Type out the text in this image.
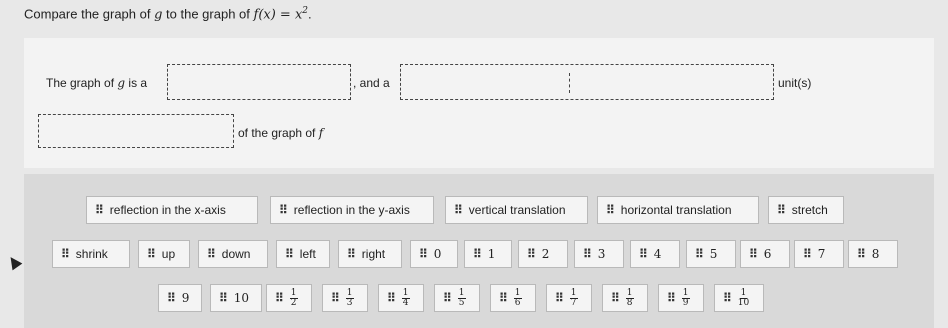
Compare the graph of g to the graph of $f(x) = x^2$.
The graph of
g
is a	, and a	unit(s)
of the graph of
f
⠿ reflection in the x-axis	⠿ reflection in the y-axis	⠿ vertical translation	⠿ horizontal translation	⠿ stretch
⠿ shrink	⠿ up	⠿ down	⠿ left	⠿ right	⠿ 0	⠿ 1	⠿ 2	⠿ 3	⠿ 4	⠿ 5	⠿ 6	⠿ 7	⠿ 8
⠿ 9 ⠿ 10 ⠿ $\frac{1}{2}$	⠿ $\frac{1}{3}$	⠿ $\frac{1}{4}$	⠿ $\frac{1}{5}$	⠿ $\frac{1}{6}$	⠿ $\frac{1}{7}$	⠿ $\frac{1}{8}$	⠿ $\frac{1}{9}$	⠿ $\frac{1}{10}$
